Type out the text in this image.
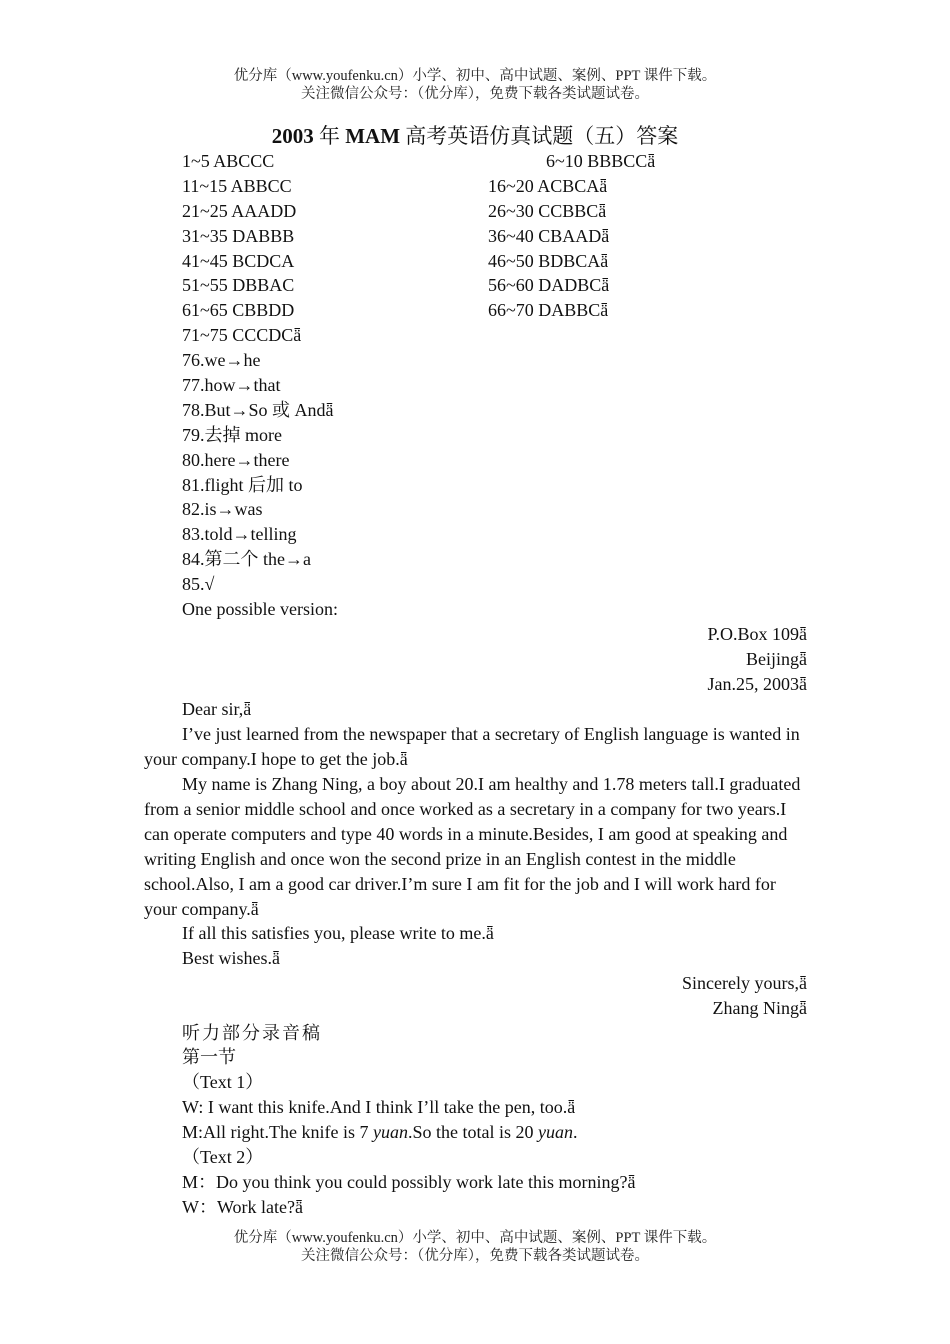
优分库（www.youfenku.cn）小学、初中、高中试题、案例、PPT 课件下载。
关注微信公众号：（优分库），免费下载各类试题试卷。
2003 年 MAM 高考英语仿真试题（五）答案
1~5 ABCCC
11~15 ABBCC
21~25 AAADD
31~35 DABBB
41~45 BCDCA
51~55 DBBAC
61~65 CBBDD
71~75 CCCDCǟ
6~10 BBBCCǟ
16~20 ACBCAǟ
26~30 CCBBCǟ
36~40 CBAADǟ
46~50 BDBCAǟ
56~60 DADBCǟ
66~70 DABBCǟ
76.we→he
77.how→that
78.But→So 或 Andǟ
79.去掉 more
80.here→there
81.flight 后加 to
82.is→was
83.told→telling
84.第二个 the→a
85.√
One possible version:
P.O.Box 109ǟ
Beijingǟ
Jan.25, 2003ǟ
Dear sir,ǟ

I’ve just learned from the newspaper that a secretary of English language is wanted in your company.I hope to get the job.ǟ

My name is Zhang Ning, a boy about 20.I am healthy and 1.78 meters tall.I graduated from a senior middle school and once worked as a secretary in a company for two years.I can operate computers and type 40 words in a minute.Besides, I am good at speaking and writing English and once won the second prize in an English contest in the middle school.Also, I am a good car driver.I’m sure I am fit for the job and I will work hard for your company.ǟ

If all this satisfies you, please write to me.ǟ
Best wishes.ǟ
Sincerely yours,ǟ
Zhang Ningǟ
听力部分录音稿
第一节
（Text 1）
W: I want this knife.And I think I’ll take the pen, too.ǟ
M:All right.The knife is 7 yuan.So the total is 20 yuan.
（Text 2）
M：Do you think you could possibly work late this morning?ǟ
W：Work late?ǟ
优分库（www.youfenku.cn）小学、初中、高中试题、案例、PPT 课件下载。
关注微信公众号：（优分库），免费下载各类试题试卷。
